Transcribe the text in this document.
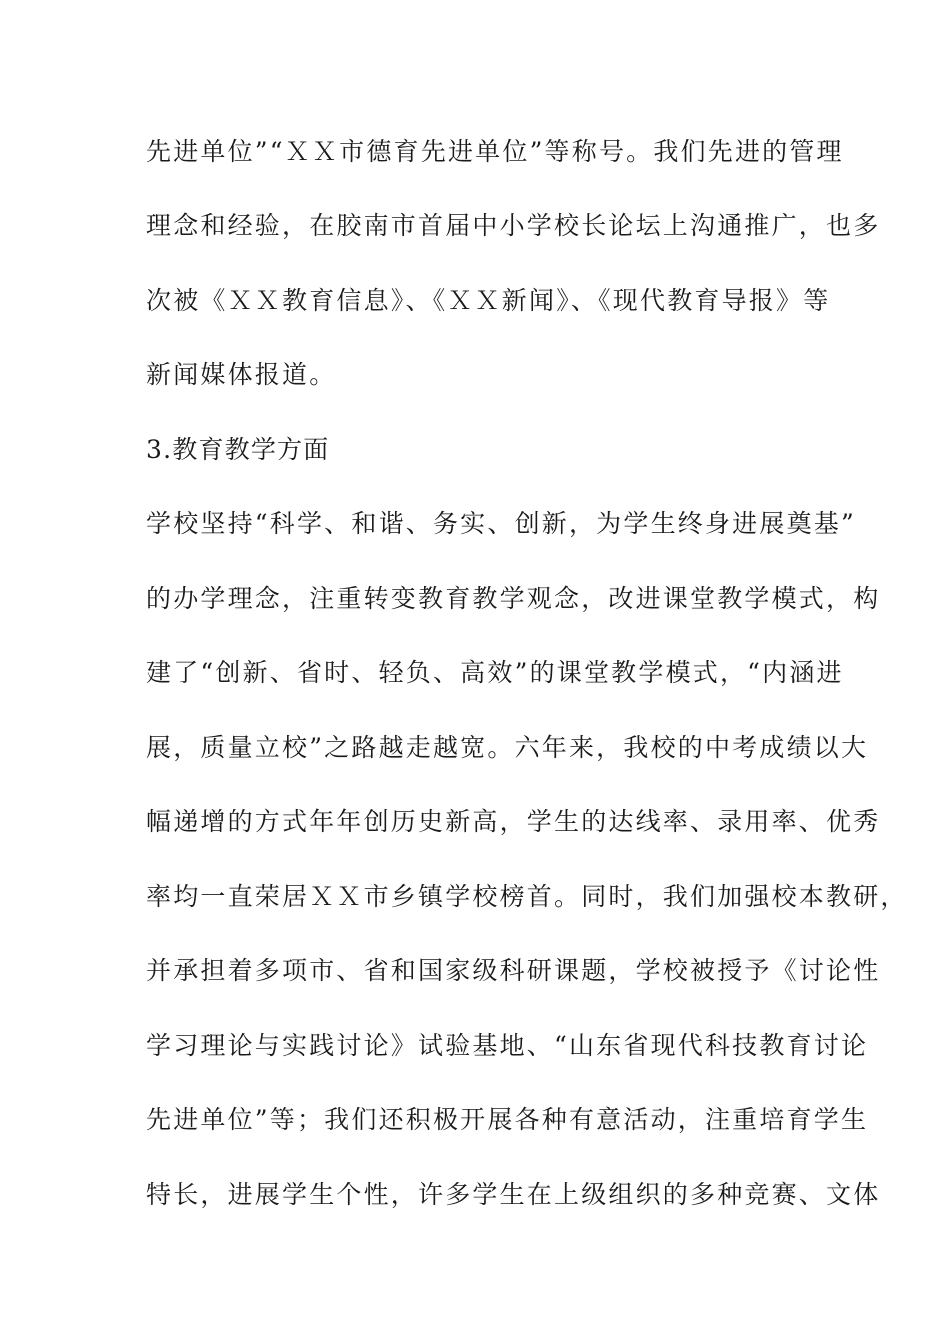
先进单位”“ＸＸ市德育先进单位”等称号。我们先进的管理
理念和经验，在胶南市首届中小学校长论坛上沟通推广，也多
次被《ＸＸ教育信息》、《ＸＸ新闻》、《现代教育导报》等
新闻媒体报道。
3.教育教学方面
学校坚持“科学、和谐、务实、创新，为学生终身进展奠基”
的办学理念，注重转变教育教学观念，改进课堂教学模式，构
建了“创新、省时、轻负、高效”的课堂教学模式，“内涵进
展，质量立校”之路越走越宽。六年来，我校的中考成绩以大
幅递增的方式年年创历史新高，学生的达线率、录用率、优秀
率均一直荣居ＸＸ市乡镇学校榜首。同时，我们加强校本教研，
并承担着多项市、省和国家级科研课题，学校被授予《讨论性
学习理论与实践讨论》试验基地、“山东省现代科技教育讨论
先进单位”等；我们还积极开展各种有意活动，注重培育学生
特长，进展学生个性，许多学生在上级组织的多种竞赛、文体
